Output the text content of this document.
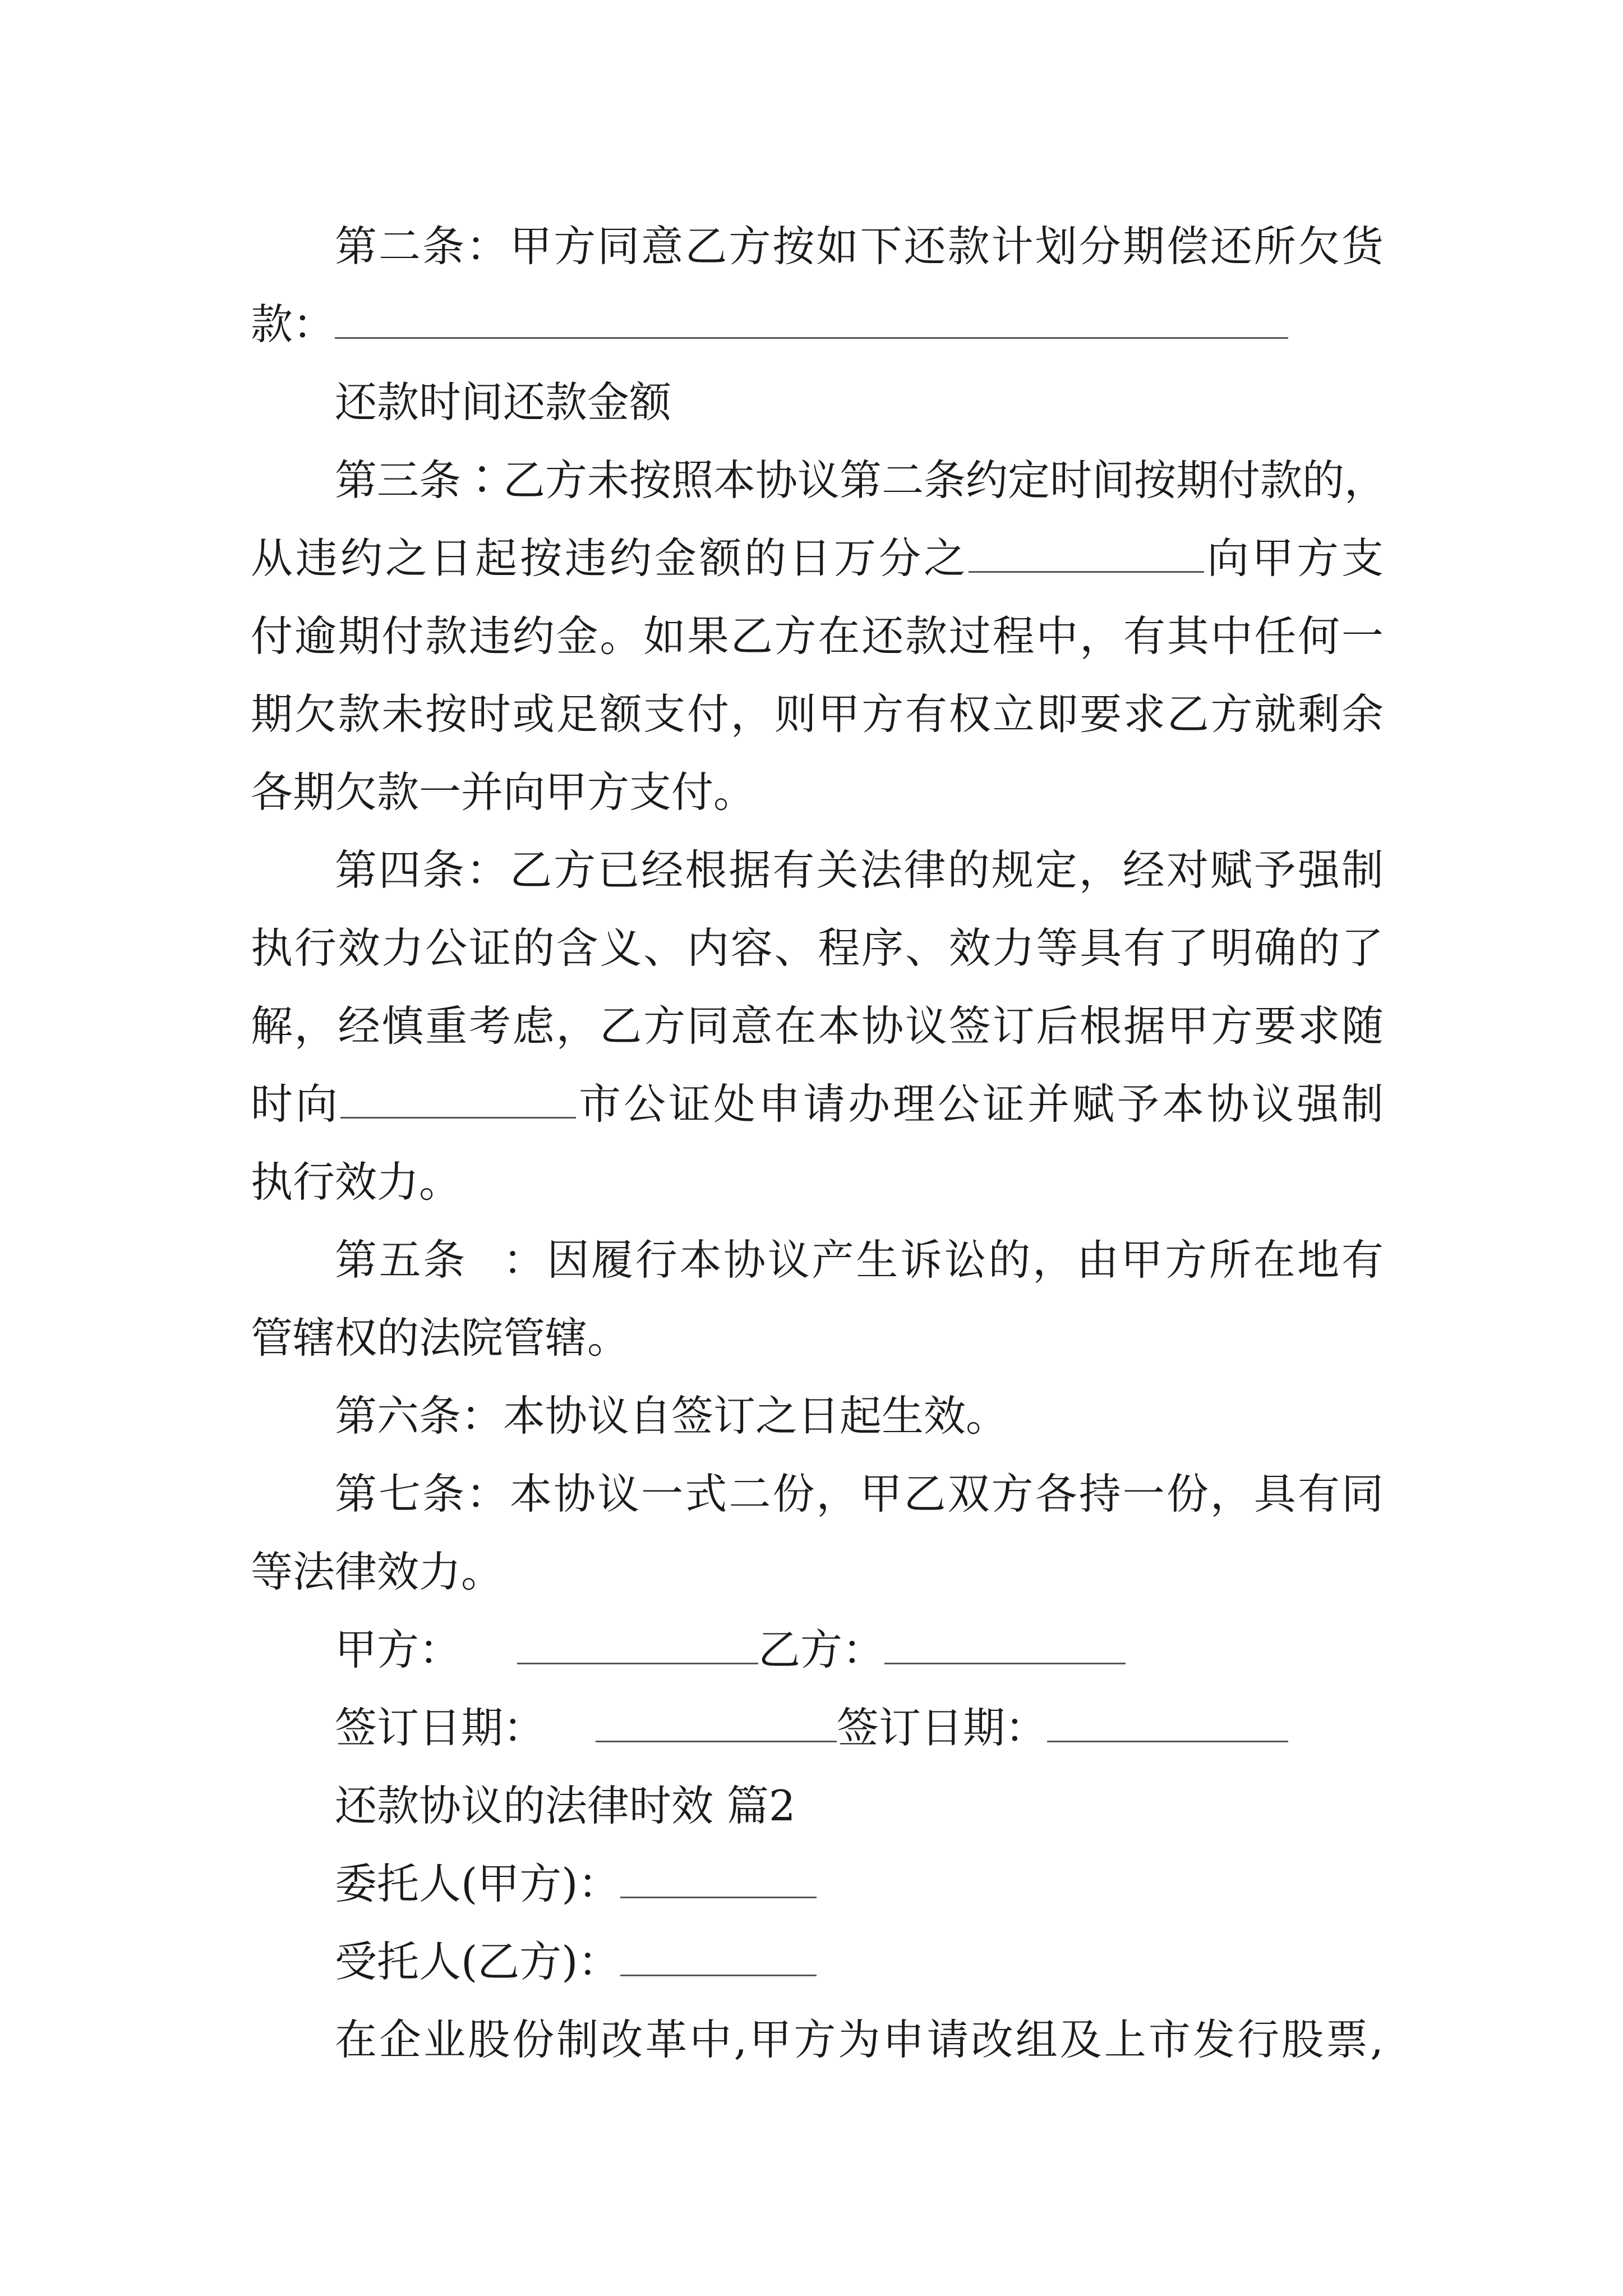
第二条：甲方同意乙方按如下还款计划分期偿还所欠货
款：
还款时间还款金额
第三条∶乙方未按照本协议第二条约定时间按期付款的，
从违约之日起按违约金额的日万分之	向甲方支
付逾期付款违约金。如果乙方在还款过程中，有其中任何一
期欠款未按时或足额支付，则甲方有权立即要求乙方就剩余
各期欠款一并向甲方支付。
第四条：乙方已经根据有关法律的规定，经对赋予强制
执行效力公证的含义、内容、程序、效力等具有了明确的了
解，经慎重考虑，乙方同意在本协议签订后根据甲方要求随
时向	市公证处申请办理公证并赋予本协议强制
执行效力。
第五条 ：因履行本协议产生诉讼的，由甲方所在地有
管辖权的法院管辖。
第六条：本协议自签订之日起生效。
第七条：本协议一式二份，甲乙双方各持一份，具有同
等法律效力。
甲方：	乙方：
签订日期：	签订日期：
还款协议的法律时效 篇2
委托人(甲方)：
受托人(乙方)：
在企业股份制改革中,甲方为申请改组及上市发行股票,
